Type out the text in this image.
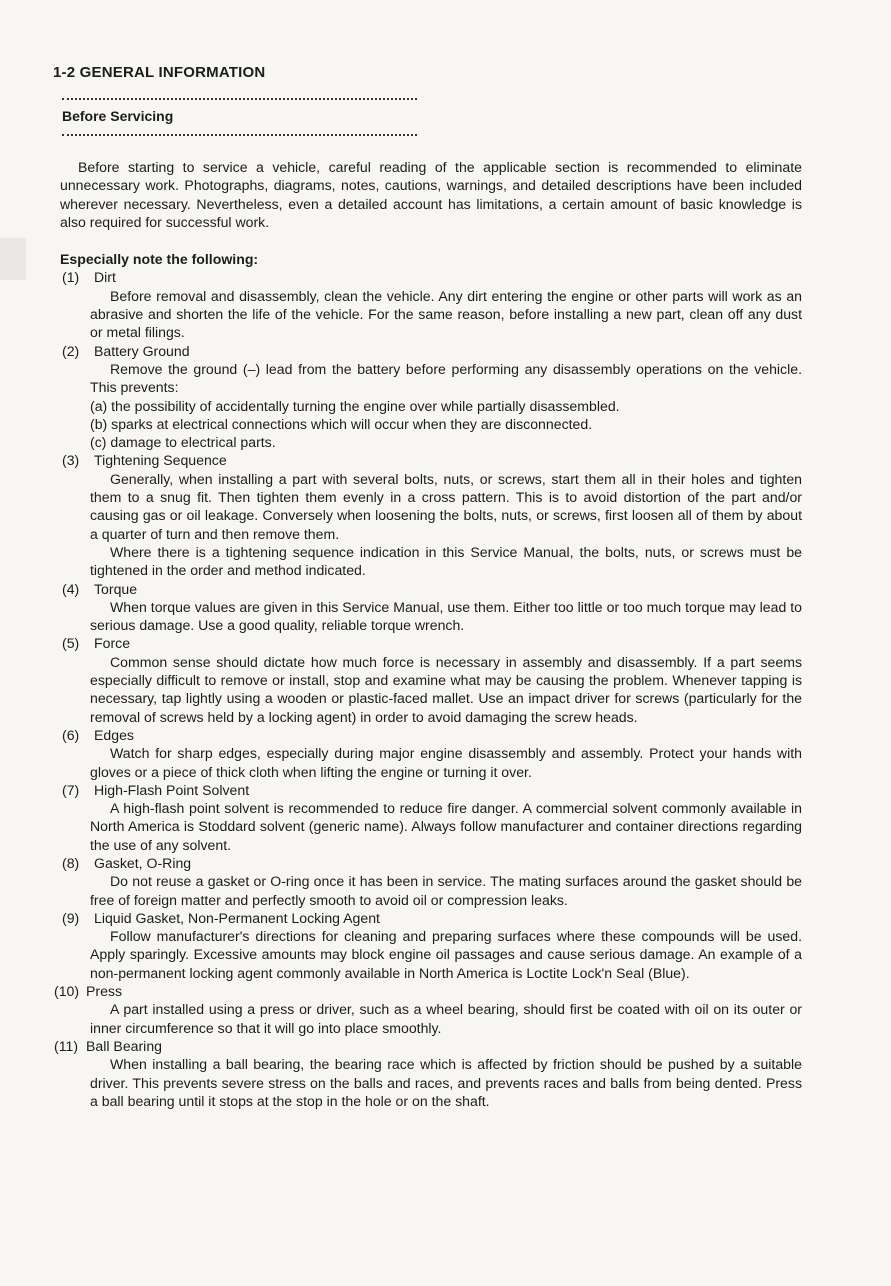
1-2 GENERAL INFORMATION
Before Servicing

Before starting to service a vehicle, careful reading of the applicable section is recommended to eliminate unnecessary work. Photographs, diagrams, notes, cautions, warnings, and detailed descriptions have been included wherever necessary. Nevertheless, even a detailed account has limitations, a certain amount of basic knowledge is also required for successful work.

Especially note the following:

(1) Dirt

Before removal and disassembly, clean the vehicle. Any dirt entering the engine or other parts will work as an abrasive and shorten the life of the vehicle. For the same reason, before installing a new part, clean off any dust or metal filings.

(2) Battery Ground

Remove the ground (–) lead from the battery before performing any disassembly operations on the vehicle. This prevents:

(a) the possibility of accidentally turning the engine over while partially disassembled.

(b) sparks at electrical connections which will occur when they are disconnected.

(c) damage to electrical parts.

(3) Tightening Sequence

Generally, when installing a part with several bolts, nuts, or screws, start them all in their holes and tighten them to a snug fit. Then tighten them evenly in a cross pattern. This is to avoid distortion of the part and/or causing gas or oil leakage. Conversely when loosening the bolts, nuts, or screws, first loosen all of them by about a quarter of turn and then remove them.

Where there is a tightening sequence indication in this Service Manual, the bolts, nuts, or screws must be tightened in the order and method indicated.

(4) Torque

When torque values are given in this Service Manual, use them. Either too little or too much torque may lead to serious damage. Use a good quality, reliable torque wrench.

(5) Force

Common sense should dictate how much force is necessary in assembly and disassembly. If a part seems especially difficult to remove or install, stop and examine what may be causing the problem. Whenever tapping is necessary, tap lightly using a wooden or plastic-faced mallet. Use an impact driver for screws (particularly for the removal of screws held by a locking agent) in order to avoid damaging the screw heads.

(6) Edges

Watch for sharp edges, especially during major engine disassembly and assembly. Protect your hands with gloves or a piece of thick cloth when lifting the engine or turning it over.

(7) High-Flash Point Solvent

A high-flash point solvent is recommended to reduce fire danger. A commercial solvent commonly available in North America is Stoddard solvent (generic name). Always follow manufacturer and container directions regarding the use of any solvent.

(8) Gasket, O-Ring

Do not reuse a gasket or O-ring once it has been in service. The mating surfaces around the gasket should be free of foreign matter and perfectly smooth to avoid oil or compression leaks.

(9) Liquid Gasket, Non-Permanent Locking Agent

Follow manufacturer's directions for cleaning and preparing surfaces where these compounds will be used. Apply sparingly. Excessive amounts may block engine oil passages and cause serious damage. An example of a non-permanent locking agent commonly available in North America is Loctite Lock'n Seal (Blue).

(10) Press

A part installed using a press or driver, such as a wheel bearing, should first be coated with oil on its outer or inner circumference so that it will go into place smoothly.

(11) Ball Bearing

When installing a ball bearing, the bearing race which is affected by friction should be pushed by a suitable driver. This prevents severe stress on the balls and races, and prevents races and balls from being dented. Press a ball bearing until it stops at the stop in the hole or on the shaft.
